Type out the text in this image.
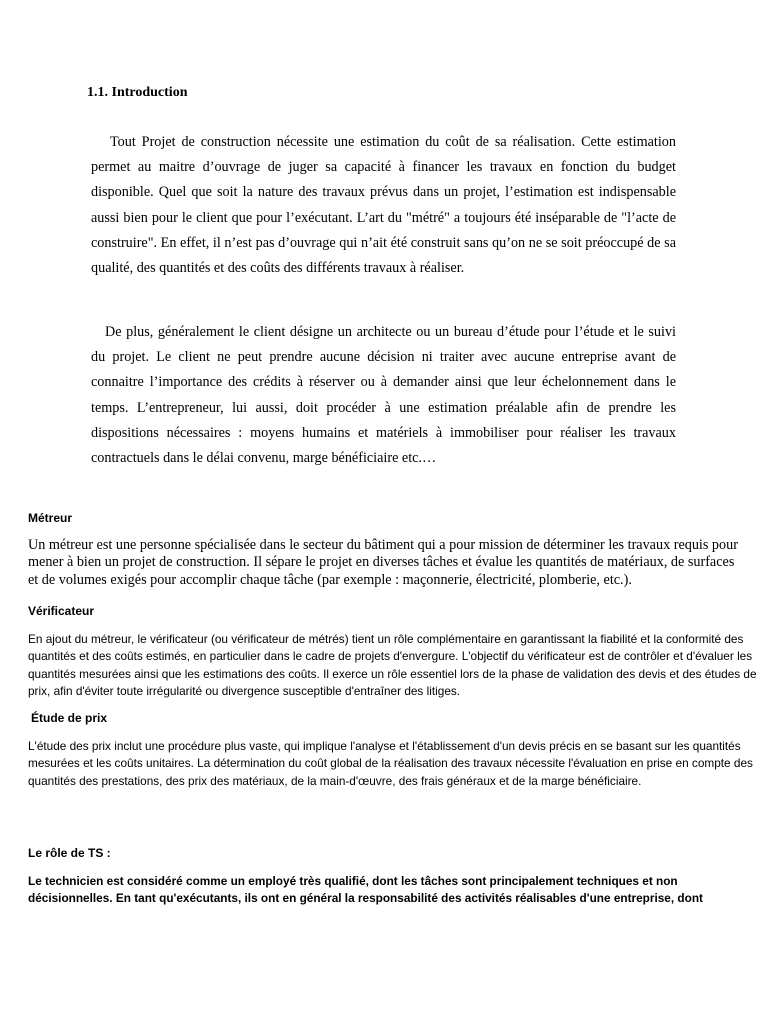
1.1. Introduction

Tout Projet de construction nécessite une estimation du coût de sa réalisation. Cette estimation permet au maitre d’ouvrage de juger sa capacité à financer les travaux en fonction du budget disponible. Quel que soit la nature des travaux prévus dans un projet, l’estimation est indispensable aussi bien pour le client que pour l’exécutant. L’art du "métré" a toujours été inséparable de "l’acte de construire". En effet, il n’est pas d’ouvrage qui n’ait été construit sans qu’on ne se soit préoccupé de sa qualité, des quantités et des coûts des différents travaux à réaliser.

De plus, généralement le client désigne un architecte ou un bureau d’étude pour l’étude et le suivi du projet. Le client ne peut prendre aucune décision ni traiter avec aucune entreprise avant de connaitre l’importance des crédits à réserver ou à demander ainsi que leur échelonnement dans le temps. L’entrepreneur, lui aussi, doit procéder à une estimation préalable afin de prendre les dispositions nécessaires : moyens humains et matériels à immobiliser pour réaliser les travaux contractuels dans le délai convenu, marge bénéficiaire etc.…

Métreur

Un métreur est une personne spécialisée dans le secteur du bâtiment qui a pour mission de déterminer les travaux requis pour mener à bien un projet de construction. Il sépare le projet en diverses tâches et évalue les quantités de matériaux, de surfaces et de volumes exigés pour accomplir chaque tâche (par exemple : maçonnerie, électricité, plomberie, etc.).

Vérificateur

En ajout du métreur, le vérificateur (ou vérificateur de métrés) tient un rôle complémentaire en garantissant la fiabilité et la conformité des quantités et des coûts estimés, en particulier dans le cadre de projets d'envergure. L'objectif du vérificateur est de contrôler et d'évaluer les quantités mesurées ainsi que les estimations des coûts. Il exerce un rôle essentiel lors de la phase de validation des devis et des études de prix, afin d'éviter toute irrégularité ou divergence susceptible d'entraîner des litiges.

Étude de prix

L'étude des prix inclut une procédure plus vaste, qui implique l'analyse et l'établissement d'un devis précis en se basant sur les quantités mesurées et les coûts unitaires. La détermination du coût global de la réalisation des travaux nécessite l'évaluation en prise en compte des quantités des prestations, des prix des matériaux, de la main-d'œuvre, des frais généraux et de la marge bénéficiaire.

Le rôle de TS :

Le technicien est considéré comme un employé très qualifié, dont les tâches sont principalement techniques et non décisionnelles. En tant qu'exécutants, ils ont en général la responsabilité des activités réalisables d'une entreprise, dont
